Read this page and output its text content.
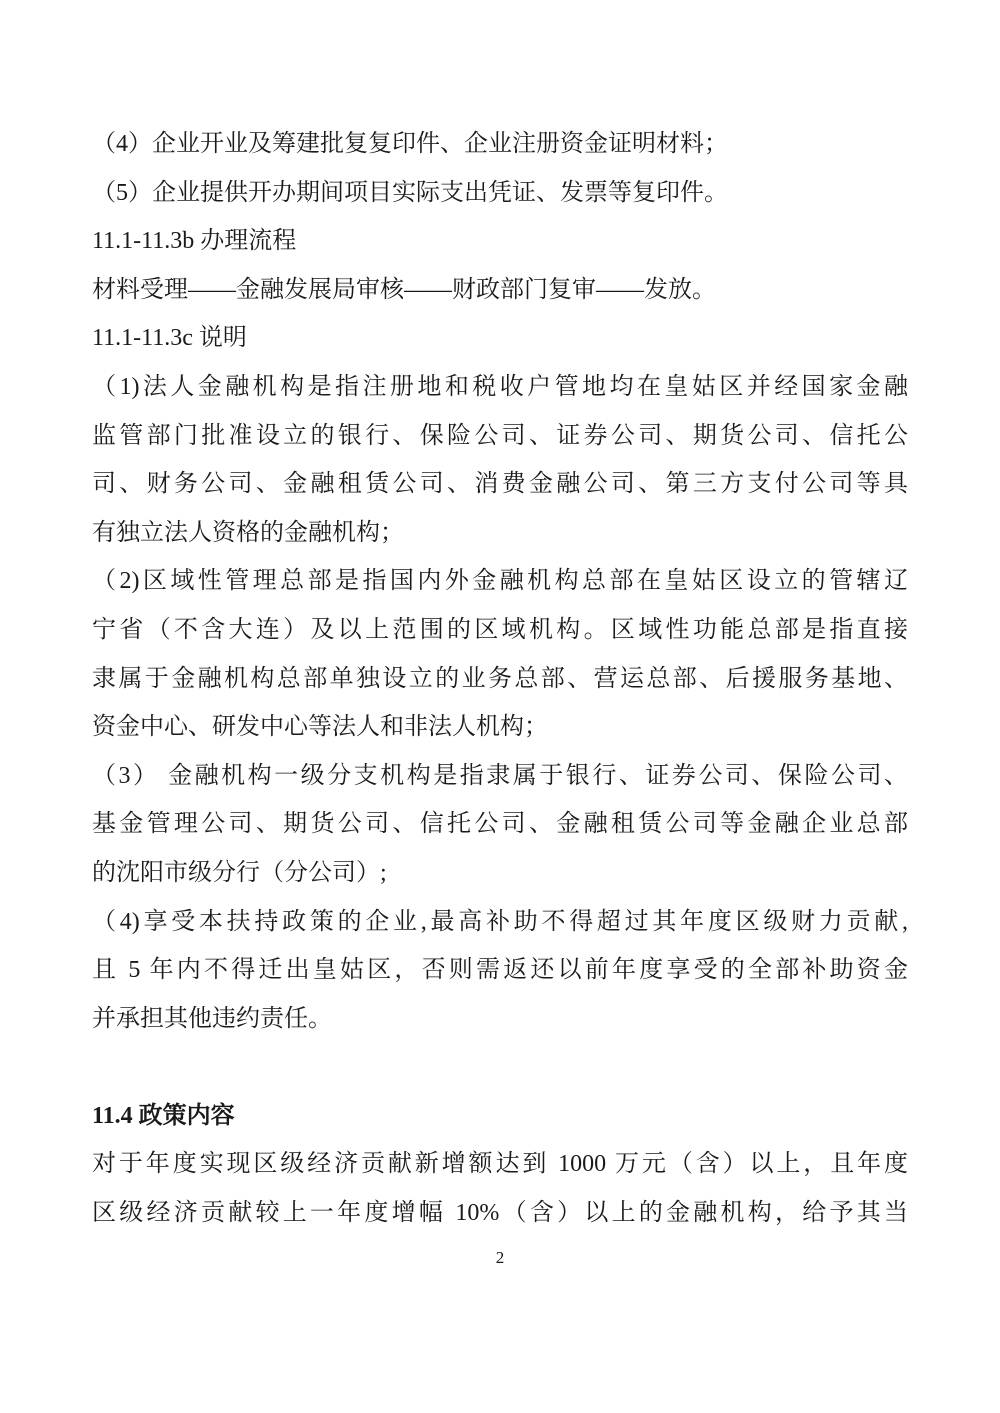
（4）企业开业及筹建批复复印件、企业注册资金证明材料；
（5）企业提供开办期间项目实际支出凭证、发票等复印件。
11.1-11.3b 办理流程
材料受理——金融发展局审核——财政部门复审——发放。
11.1-11.3c 说明
（1)法人金融机构是指注册地和税收户管地均在皇姑区并经国家金融
监管部门批准设立的银行、保险公司、证券公司、期货公司、信托公
司、财务公司、金融租赁公司、消费金融公司、第三方支付公司等具
有独立法人资格的金融机构；
（2)区域性管理总部是指国内外金融机构总部在皇姑区设立的管辖辽
宁省（不含大连）及以上范围的区域机构。区域性功能总部是指直接
隶属于金融机构总部单独设立的业务总部、营运总部、后援服务基地、
资金中心、研发中心等法人和非法人机构；
（3） 金融机构一级分支机构是指隶属于银行、证券公司、保险公司、
基金管理公司、期货公司、信托公司、金融租赁公司等金融企业总部
的沈阳市级分行（分公司）;
（4)享受本扶持政策的企业,最高补助不得超过其年度区级财力贡献,
且 5 年内不得迁出皇姑区，否则需返还以前年度享受的全部补助资金
并承担其他违约责任。
11.4 政策内容
对于年度实现区级经济贡献新增额达到 1000 万元（含）以上，且年度
区级经济贡献较上一年度增幅 10%（含）以上的金融机构，给予其当
2
